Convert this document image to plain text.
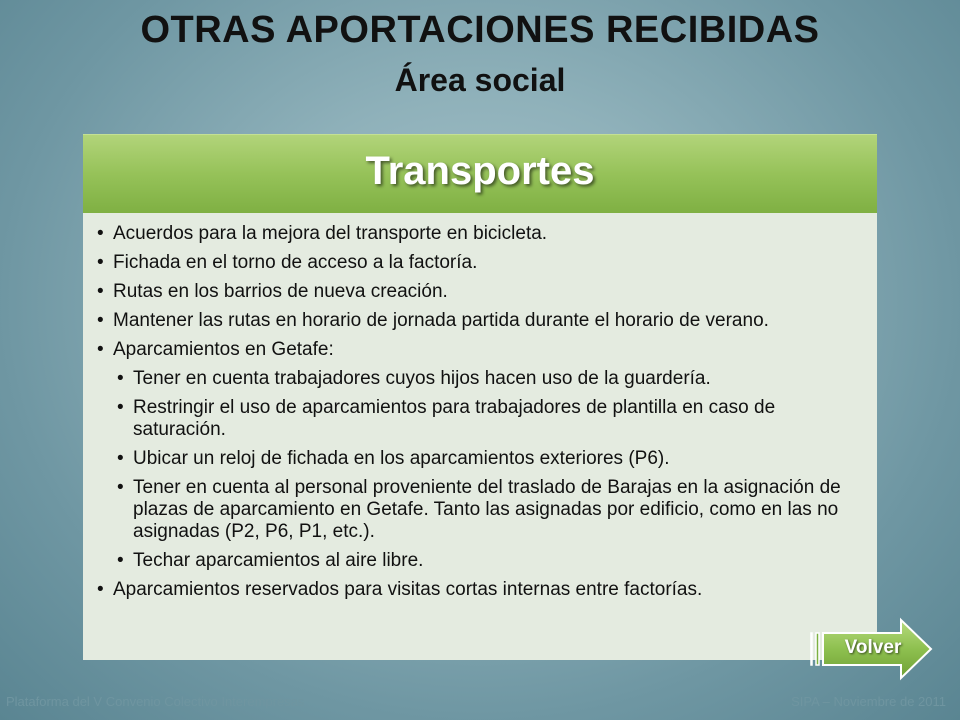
OTRAS APORTACIONES RECIBIDAS
Área social
Transportes
• Acuerdos para la mejora del transporte en bicicleta.
• Fichada en el torno de acceso a la factoría.
• Rutas en los barrios de nueva creación.
• Mantener las rutas en horario de jornada partida durante el horario de verano.
• Aparcamientos en Getafe:
• Tener en cuenta trabajadores cuyos hijos hacen uso de la guardería.
• Restringir el uso de aparcamientos para trabajadores de plantilla en caso de saturación.
• Ubicar un reloj de fichada en los aparcamientos exteriores (P6).
• Tener en cuenta al personal proveniente del traslado de Barajas en la asignación de plazas de aparcamiento en Getafe. Tanto las asignadas por edificio, como en las no asignadas (P2, P6, P1, etc.).
• Techar aparcamientos al aire libre.
• Aparcamientos reservados para visitas cortas internas entre factorías.
Volver
Plataforma del V Convenio Colectivo Interempresas	SIPA – Noviembre de 2011
